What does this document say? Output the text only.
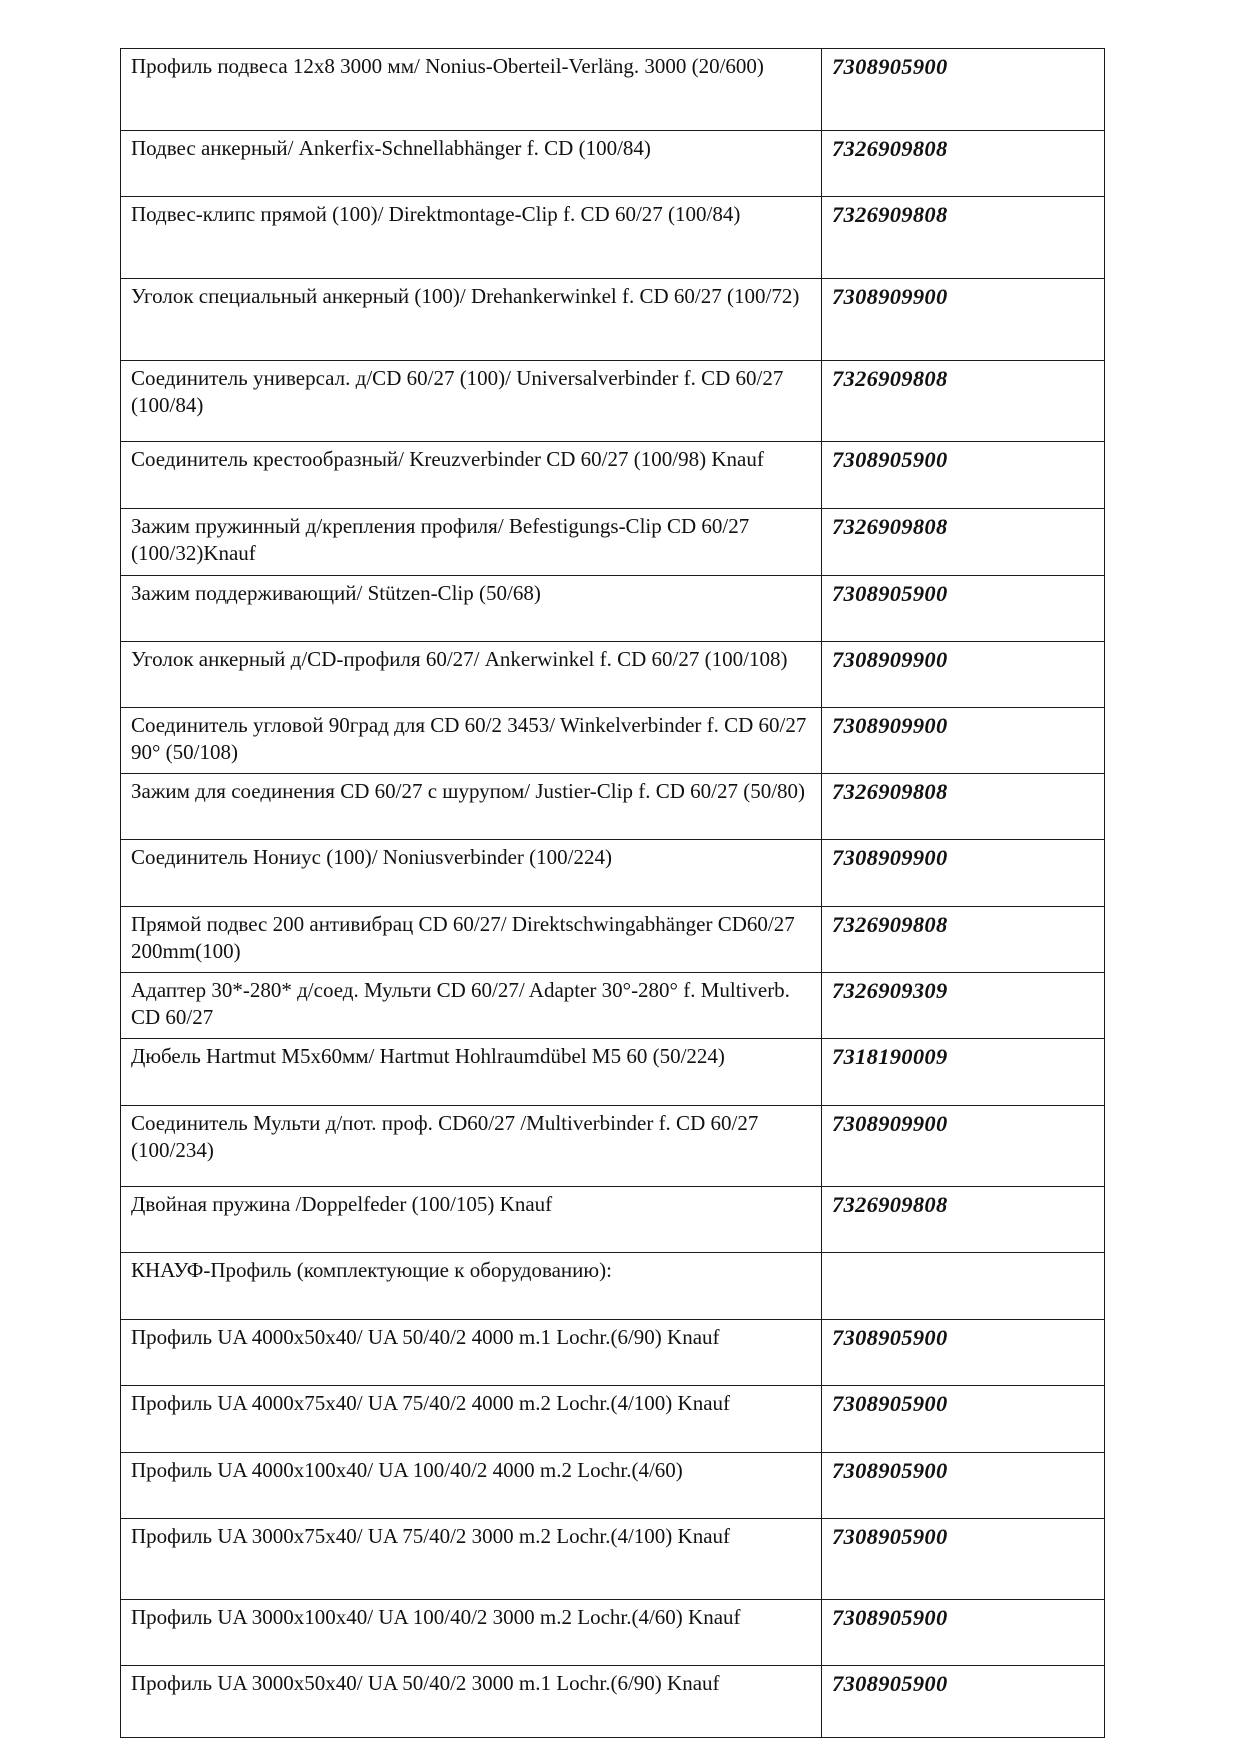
Профиль подвеса 12x8 3000 мм/ Nonius-Oberteil-Verläng. 3000 (20/600)	7308905900
Подвес анкерный/ Ankerfix-Schnellabhänger f. CD (100/84)	7326909808
Подвес-клипс прямой (100)/ Direktmontage-Clip f. CD 60/27 (100/84)	7326909808
Уголок специальный анкерный (100)/ Drehankerwinkel f. CD 60/27 (100/72)	7308909900
Соединитель универсал. д/CD 60/27 (100)/ Universalverbinder f. CD 60/27 (100/84)	7326909808
Соединитель крестообразный/ Kreuzverbinder CD 60/27 (100/98) Knauf	7308905900
Зажим пружинный д/крепления профиля/ Befestigungs-Clip CD 60/27 (100/32)Knauf	7326909808
Зажим поддерживающий/ Stützen-Clip (50/68)	7308905900
Уголок анкерный д/CD-профиля 60/27/ Ankerwinkel f. CD 60/27 (100/108)	7308909900
Соединитель угловой 90град для CD 60/2 3453/ Winkelverbinder f. CD 60/27 90° (50/108)	7308909900
Зажим для соединения CD 60/27 с шурупом/ Justier-Clip f. CD 60/27 (50/80)	7326909808
Соединитель Нониус (100)/ Noniusverbinder (100/224)	7308909900
Прямой подвес 200 антивибрац CD 60/27/ Direktschwingabhänger CD60/27 200mm(100)	7326909808
Адаптер 30*-280* д/соед. Мульти CD 60/27/ Adapter 30°-280° f. Multiverb. CD 60/27	7326909309
Дюбель Hartmut M5x60мм/ Hartmut Hohlraumdübel M5 60 (50/224)	7318190009
Соединитель Мульти д/пот. проф. CD60/27 /Multiverbinder f. CD 60/27 (100/234)	7308909900
Двойная пружина /Doppelfeder (100/105) Knauf	7326909808
КНАУФ-Профиль (комплектующие к оборудованию):	
Профиль UA 4000x50x40/ UA 50/40/2 4000 m.1 Lochr.(6/90) Knauf	7308905900
Профиль UA 4000x75x40/ UA 75/40/2 4000 m.2 Lochr.(4/100) Knauf	7308905900
Профиль UA 4000x100x40/ UA 100/40/2 4000 m.2 Lochr.(4/60)	7308905900
Профиль UA 3000x75x40/ UA 75/40/2 3000 m.2 Lochr.(4/100) Knauf	7308905900
Профиль UA 3000x100x40/ UA 100/40/2 3000 m.2 Lochr.(4/60) Knauf	7308905900
Профиль UA 3000x50x40/ UA 50/40/2 3000 m.1 Lochr.(6/90) Knauf	7308905900
